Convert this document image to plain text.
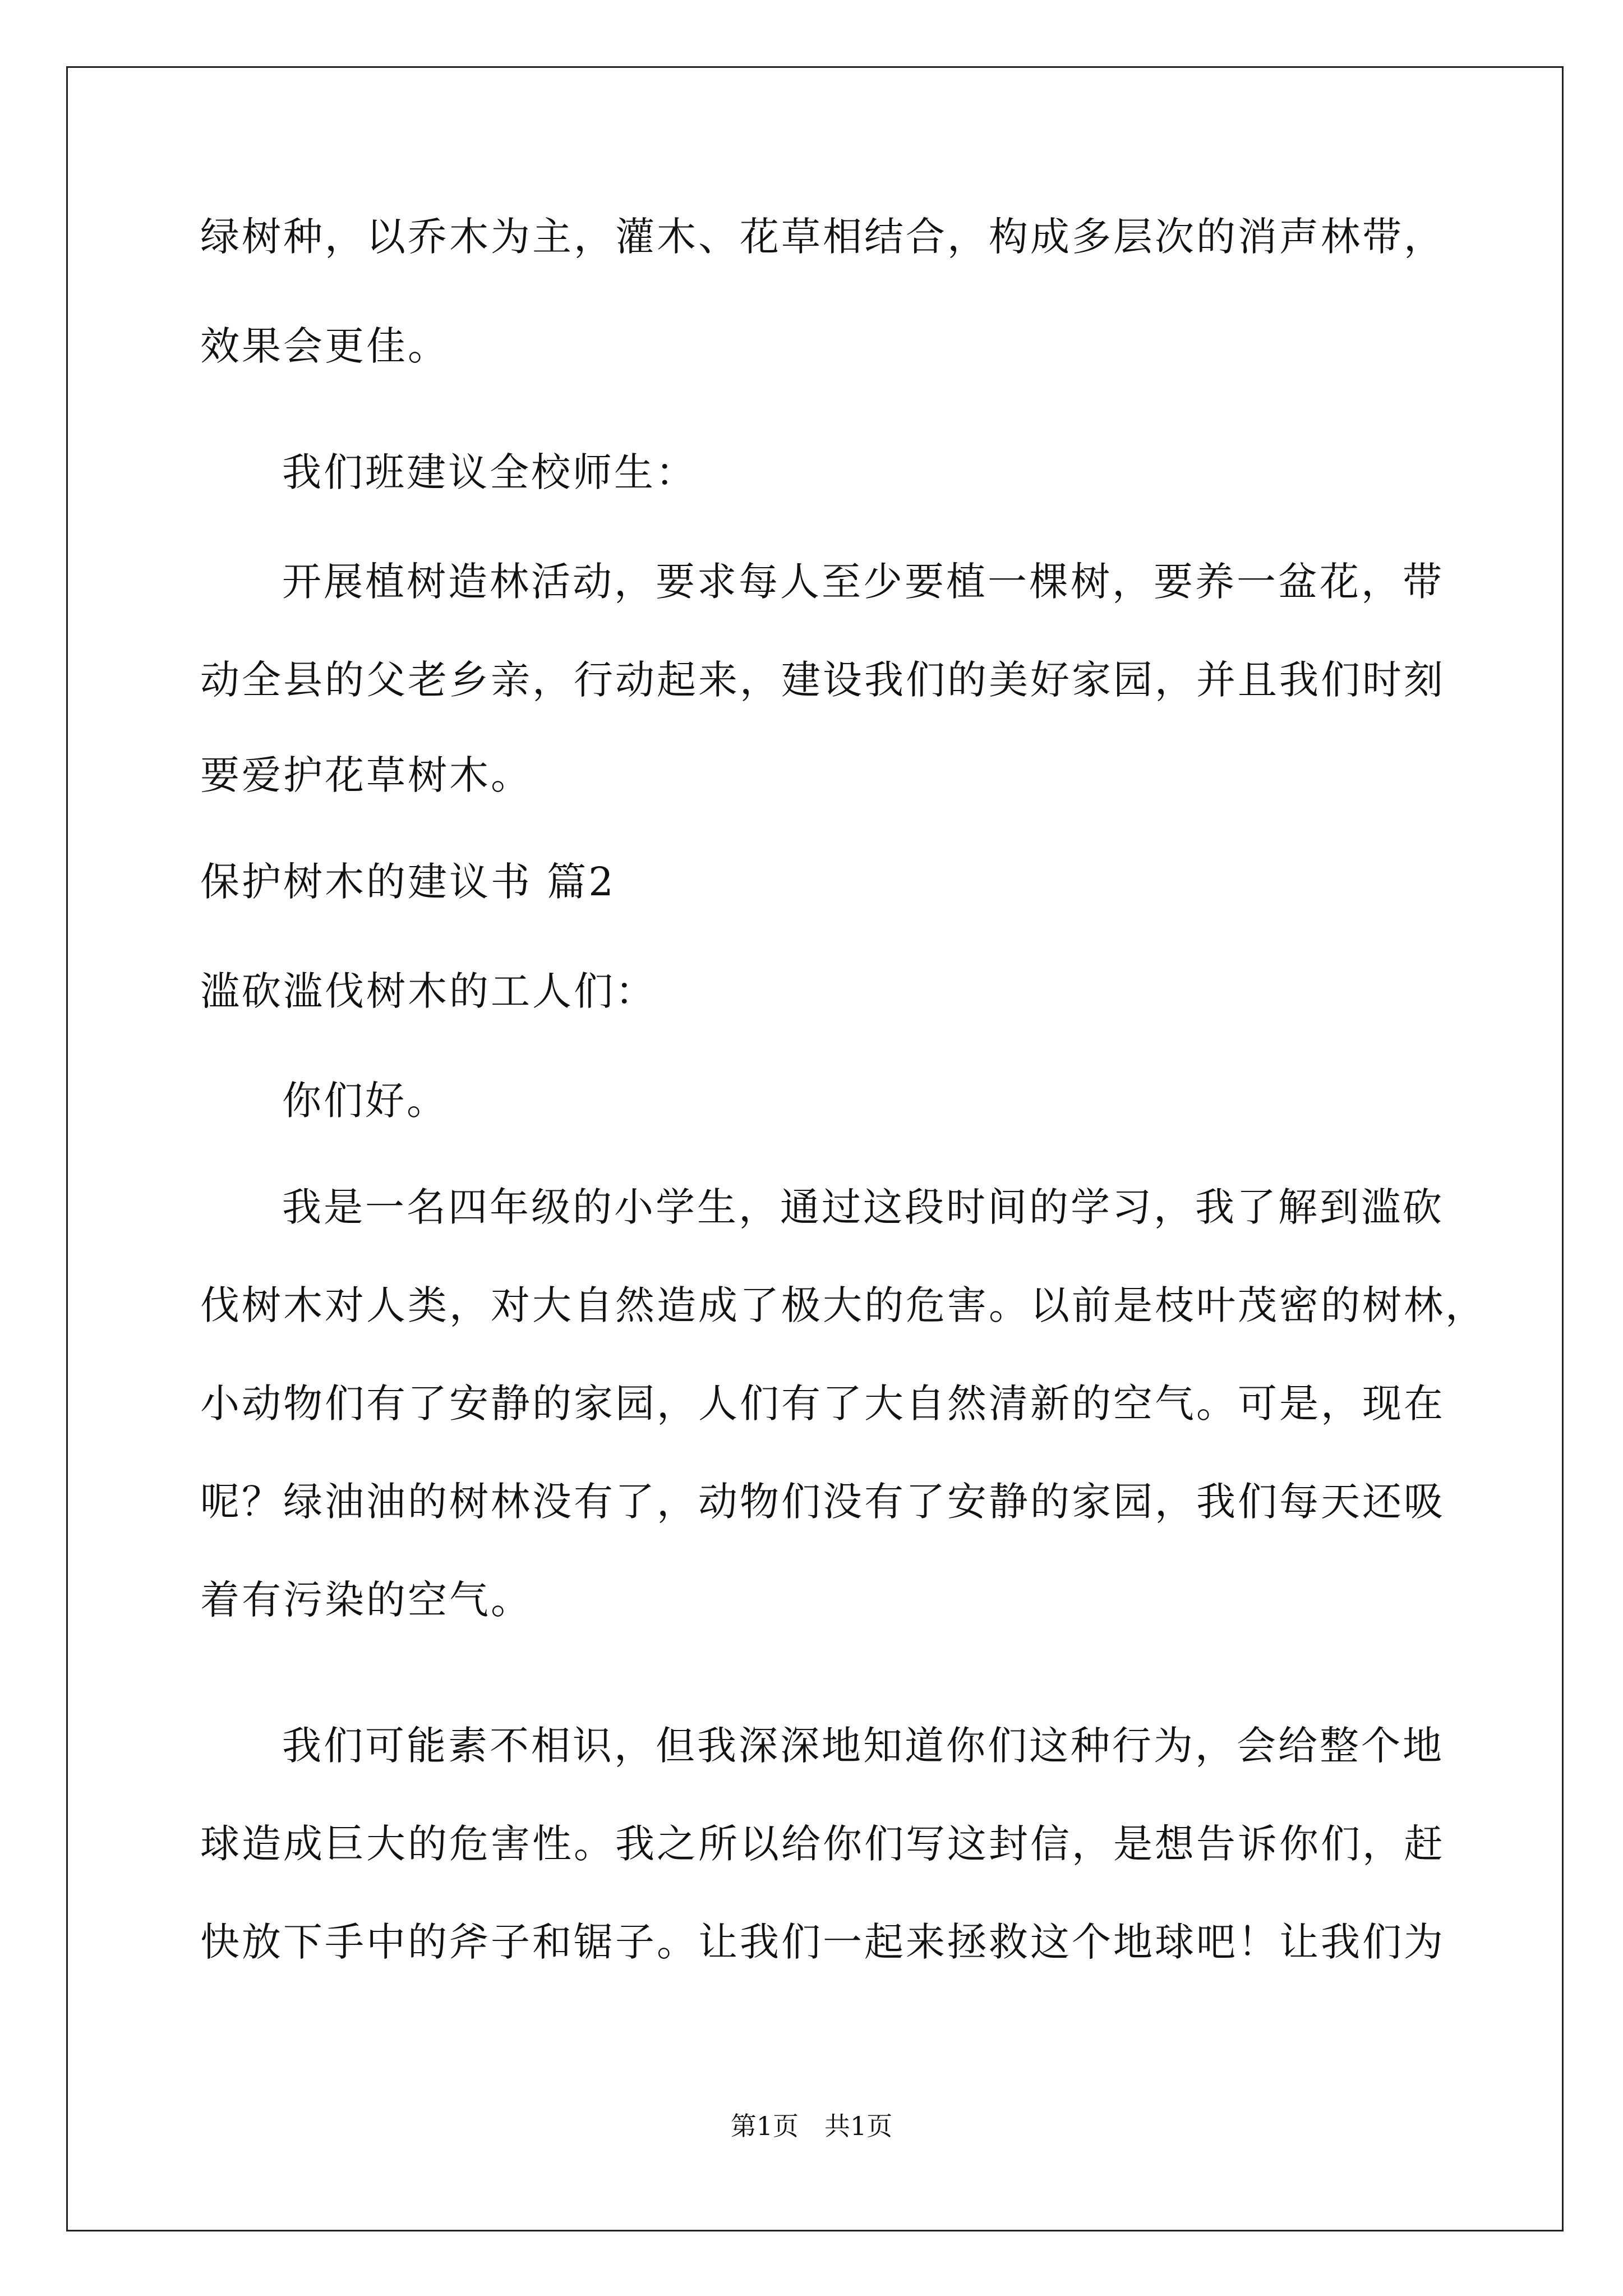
绿树种，以乔木为主，灌木、花草相结合，构成多层次的消声林带，
效果会更佳。
我们班建议全校师生：
开展植树造林活动，要求每人至少要植一棵树，要养一盆花，带
动全县的父老乡亲，行动起来，建设我们的美好家园，并且我们时刻
要爱护花草树木。
保护树木的建议书 篇2
滥砍滥伐树木的工人们：
你们好。
我是一名四年级的小学生，通过这段时间的学习，我了解到滥砍
伐树木对人类，对大自然造成了极大的危害。以前是枝叶茂密的树林，
小动物们有了安静的家园，人们有了大自然清新的空气。可是，现在
呢？绿油油的树林没有了，动物们没有了安静的家园，我们每天还吸
着有污染的空气。
我们可能素不相识，但我深深地知道你们这种行为，会给整个地
球造成巨大的危害性。我之所以给你们写这封信，是想告诉你们，赶
快放下手中的斧子和锯子。让我们一起来拯救这个地球吧！让我们为
第1页　共1页
